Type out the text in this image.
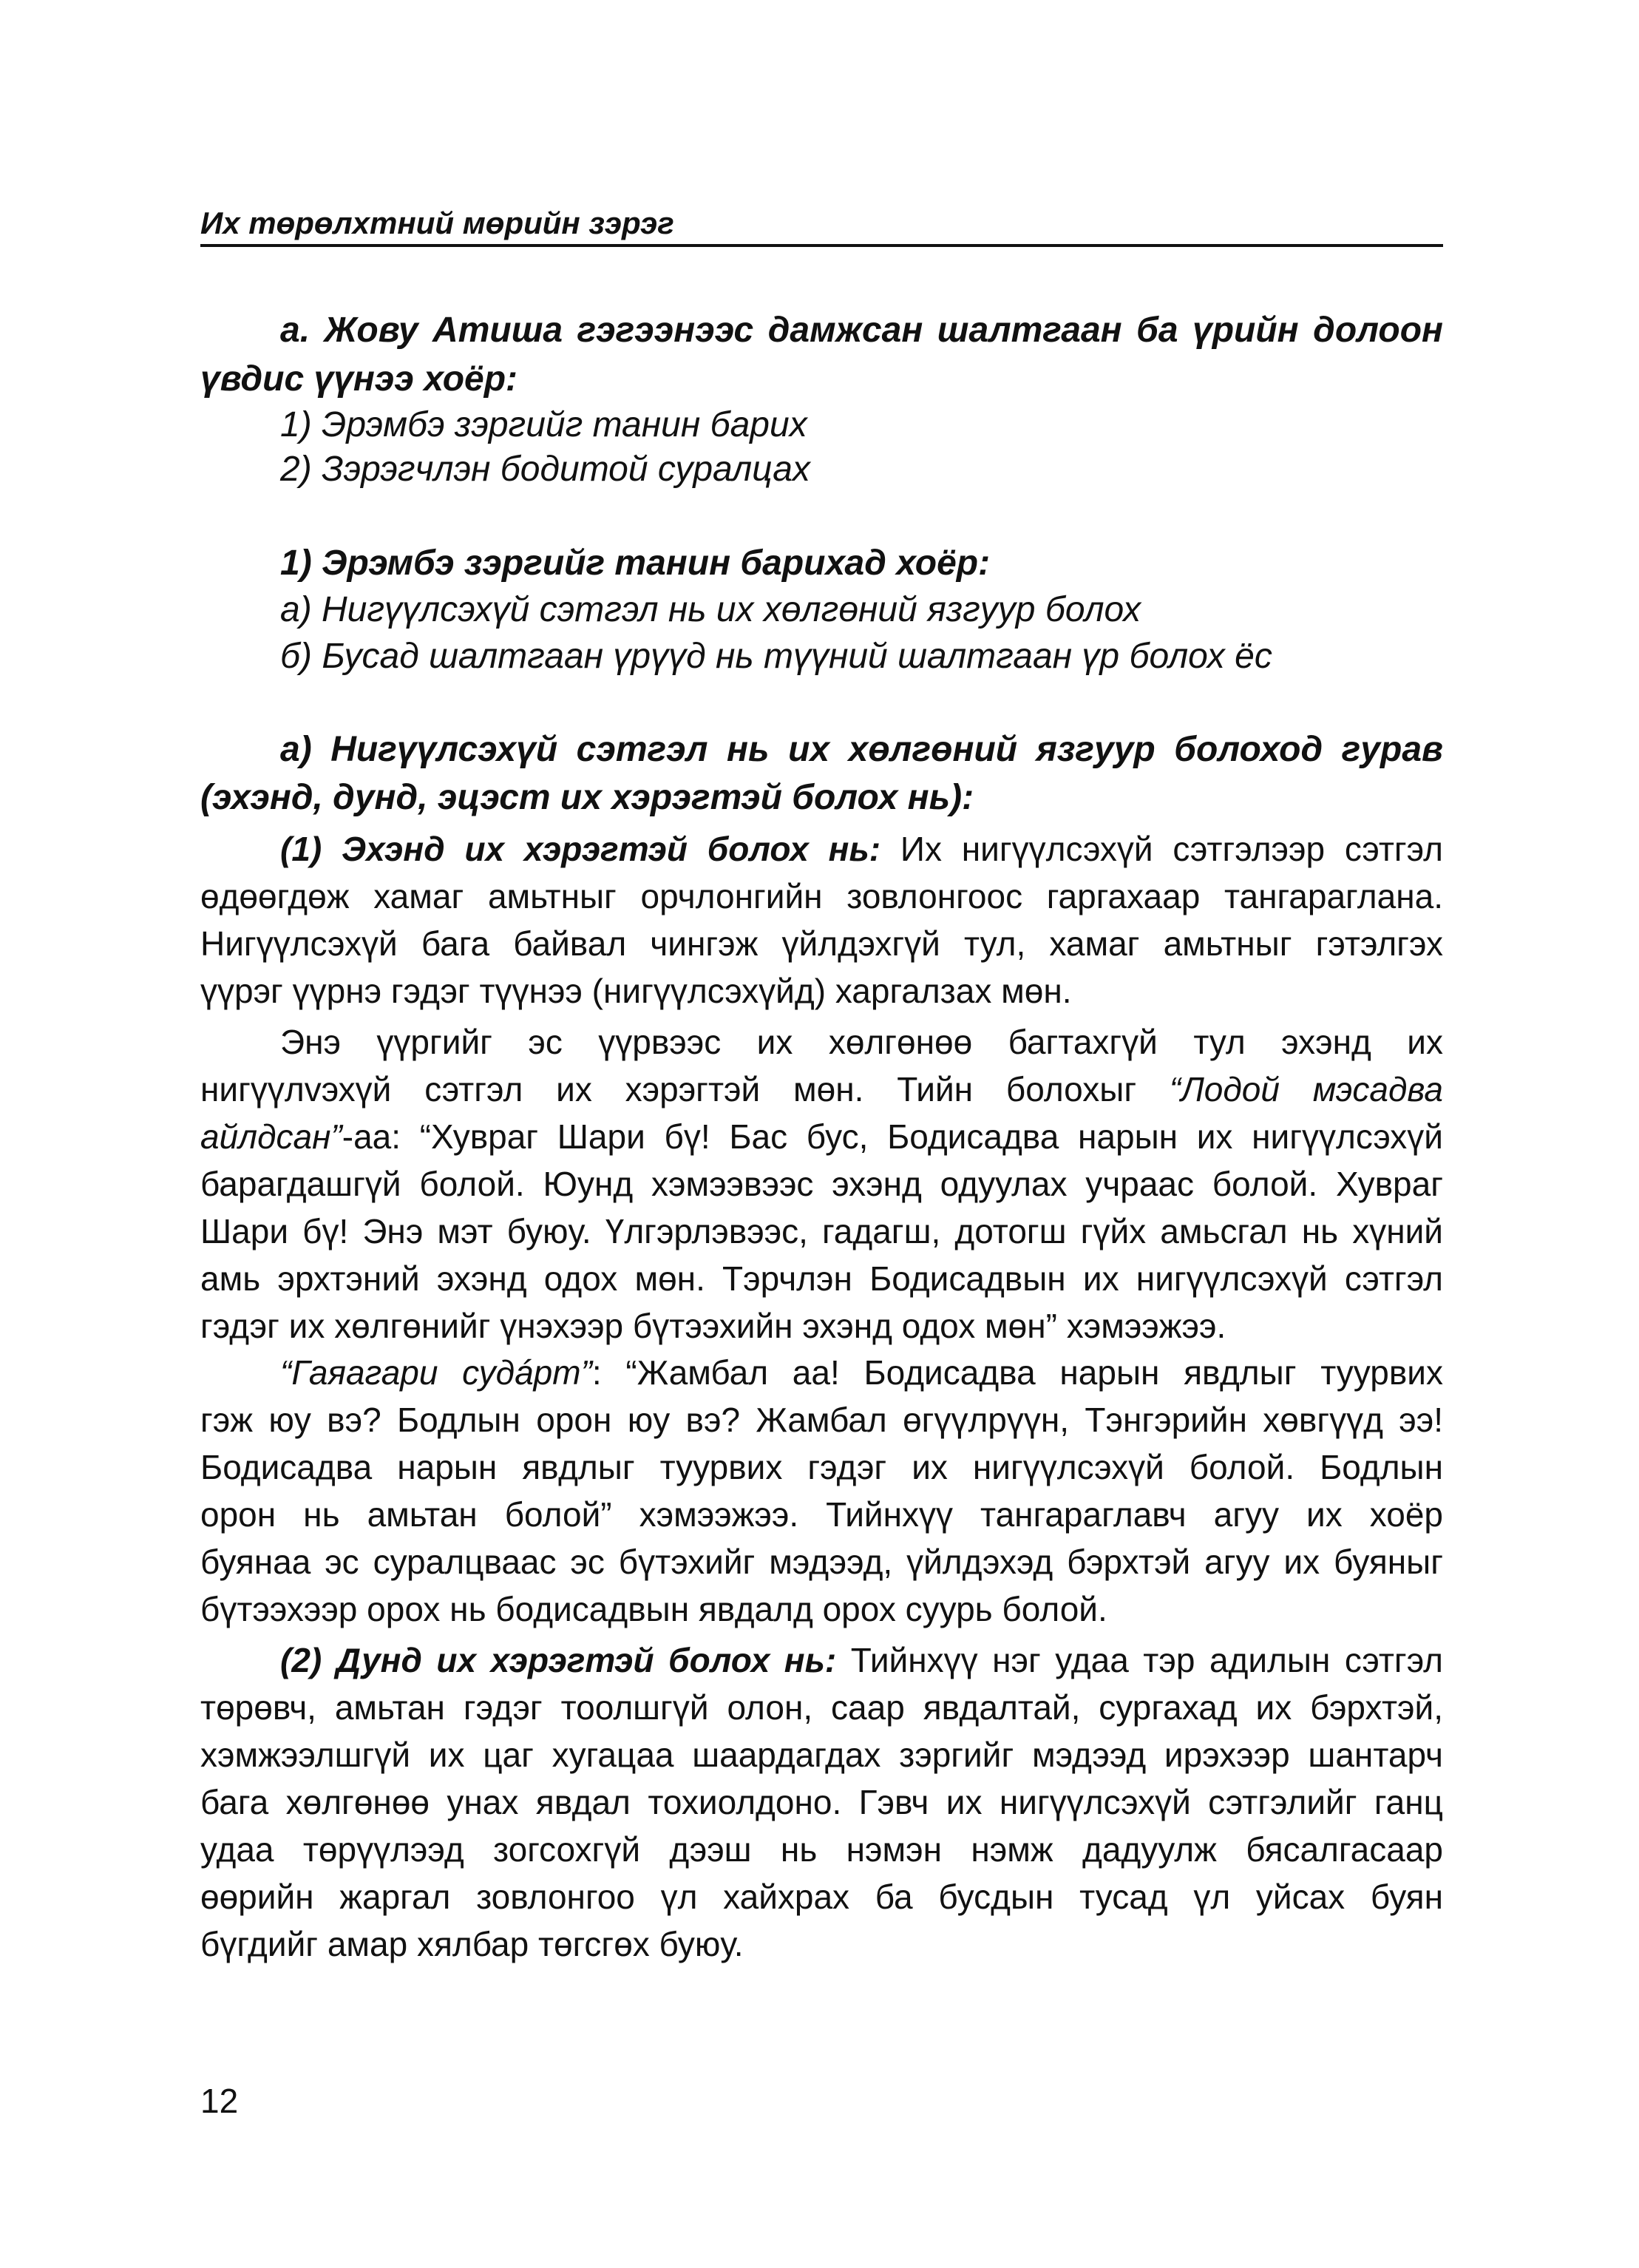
Их төрөлхтний мөрийн зэрэг
а. Жову Атиша гэгээнээс дамжсан шалтгаан ба үрийн долоон
үвдис үүнээ хоёр:
1) Эрэмбэ зэргийг танин барих
2) Зэрэгчлэн бодитой суралцах
1) Эрэмбэ зэргийг танин барихад хоёр:
а) Нигүүлсэхүй сэтгэл нь их хөлгөний язгуур болох
б) Бусад шалтгаан үрүүд нь түүний шалтгаан үр болох ёс
а) Нигүүлсэхүй сэтгэл нь их хөлгөний язгуур болоход гурав
(эхэнд, дунд, эцэст их хэрэгтэй болох нь):
(1) Эхэнд их хэрэгтэй болох нь: Их нигүүлсэхүй сэтгэлээр сэтгэл
өдөөгдөж хамаг амьтныг орчлонгийн зовлонгоос гаргахаар тангараглана.
Нигүүлсэхүй бага байвал чингэж үйлдэхгүй тул, хамаг амьтныг гэтэлгэх
үүрэг үүрнэ гэдэг түүнээ (нигүүлсэхүйд) харгалзах мөн.
Энэ үүргийг эс үүрвээс их хөлгөнөө багтахгүй тул эхэнд их
нигүүлvэхүй сэтгэл их хэрэгтэй мөн. Тийн болохыг “Лодой мэсадва
айлдсан”-аа: “Хувраг Шари бү! Бас бус, Бодисадва нарын их нигүүлсэхүй
барагдашгүй болой. Юунд хэмээвээс эхэнд одуулах учраас болой. Хувраг
Шари бү! Энэ мэт буюу. Үлгэрлэвээс, гадагш, дотогш гүйх амьсгал нь хүний
амь эрхтэний эхэнд одох мөн. Тэрчлэн Бодисадвын их нигүүлсэхүй сэтгэл
гэдэг их хөлгөнийг үнэхээр бүтээхийн эхэнд одох мөн” хэмээжээ.
“Гаяагари судáрт”: “Жамбал аа! Бодисадва нарын явдлыг туурвих
гэж юу вэ? Бодлын орон юу вэ? Жамбал өгүүлрүүн, Тэнгэрийн хөвгүүд ээ!
Бодисадва нарын явдлыг туурвих гэдэг их нигүүлсэхүй болой. Бодлын
орон нь амьтан болой” хэмээжээ. Тийнхүү тангараглавч агуу их хоёр
буянаа эс суралцваас эс бүтэхийг мэдээд, үйлдэхэд бэрхтэй агуу их буяныг
бүтээхээр орох нь бодисадвын явдалд орох суурь болой.
(2) Дунд их хэрэгтэй болох нь: Тийнхүү нэг удаа тэр адилын сэтгэл
төрөвч, амьтан гэдэг тоолшгүй олон, саар явдалтай, сургахад их бэрхтэй,
хэмжээлшгүй их цаг хугацаа шаардагдах зэргийг мэдээд ирэхээр шантарч
бага хөлгөнөө унах явдал тохиолдоно. Гэвч их нигүүлсэхүй сэтгэлийг ганц
удаа төрүүлээд зогсохгүй дээш нь нэмэн нэмж дадуулж бясалгасаар
өөрийн жаргал зовлонгоо үл хайхрах ба бусдын тусад үл уйсах буян
бүгдийг амар хялбар төгсгөх буюу.
12
